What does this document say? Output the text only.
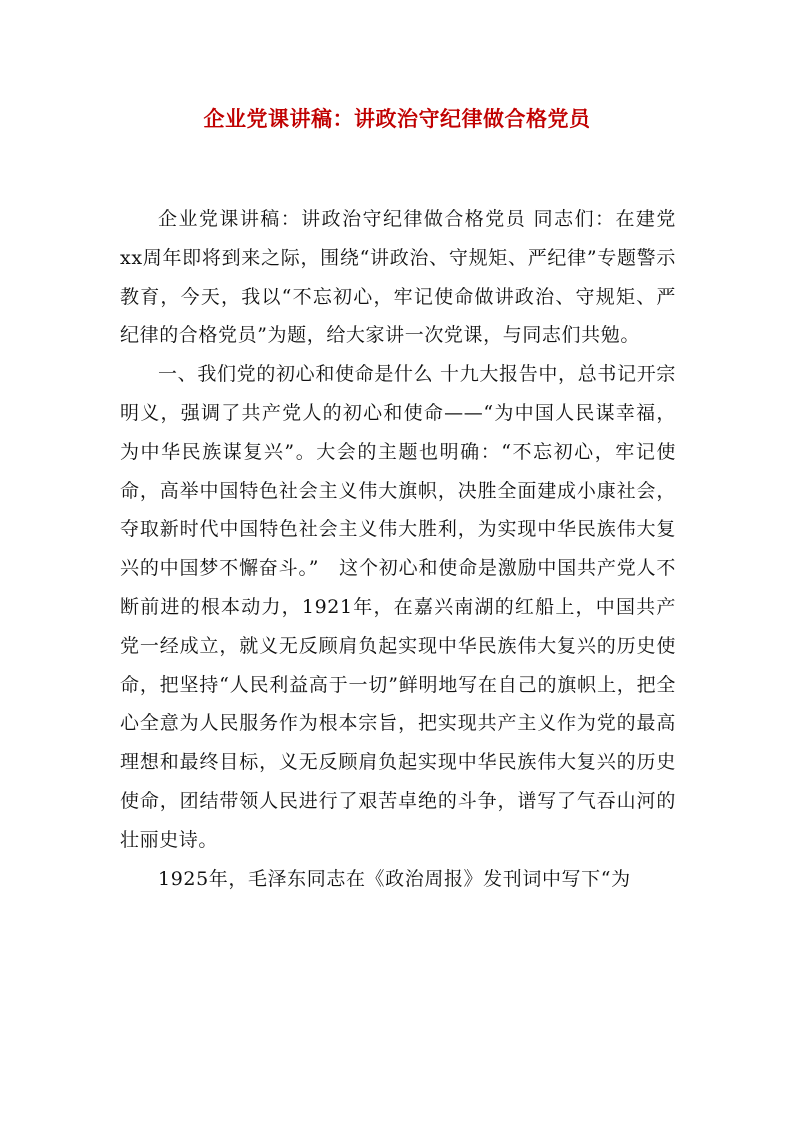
企业党课讲稿：讲政治守纪律做合格党员

企业党课讲稿：讲政治守纪律做合格党员 同志们：在建党xx周年即将到来之际，围绕“讲政治、守规矩、严纪律”专题警示教育，今天，我以“不忘初心，牢记使命做讲政治、守规矩、严纪律的合格党员”为题，给大家讲一次党课，与同志们共勉。

一、我们党的初心和使命是什么 十九大报告中，总书记开宗明义，强调了共产党人的初心和使命——“为中国人民谋幸福，为中华民族谋复兴”。大会的主题也明确：“不忘初心，牢记使命，高举中国特色社会主义伟大旗帜，决胜全面建成小康社会，夺取新时代中国特色社会主义伟大胜利，为实现中华民族伟大复兴的中国梦不懈奋斗。”　这个初心和使命是激励中国共产党人不断前进的根本动力，1921年，在嘉兴南湖的红船上，中国共产党一经成立，就义无反顾肩负起实现中华民族伟大复兴的历史使命，把坚持“人民利益高于一切”鲜明地写在自己的旗帜上，把全心全意为人民服务作为根本宗旨，把实现共产主义作为党的最高理想和最终目标，义无反顾肩负起实现中华民族伟大复兴的历史使命，团结带领人民进行了艰苦卓绝的斗争，谱写了气吞山河的壮丽史诗。

1925年，毛泽东同志在《政治周报》发刊词中写下“为
